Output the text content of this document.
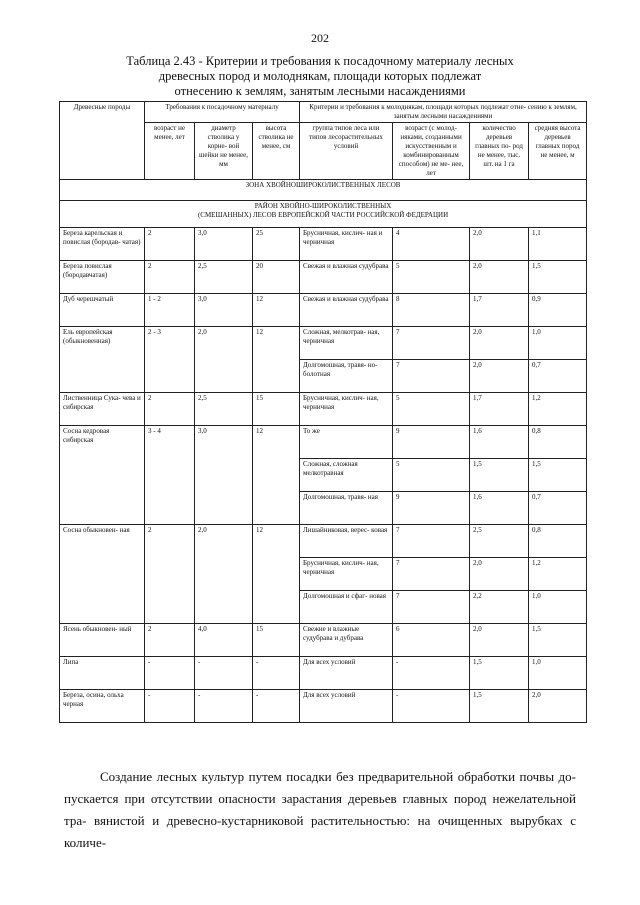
202
Таблица 2.43 - Критерии и требования к посадочному материалу лесных
древесных пород и молоднякам, площади которых подлежат
отнесению к землям, занятым лесными насаждениями
Древесные породы	Требования к посадочному материалу			Критерии и требования к молоднякам, площади которых подлежат отне- сению к землям, занятым лесными насаждениями			
	возраст не менее, лет	диаметр стволика у корне- вой шейки не менее, мм	высота стволика не менее, см	группа типов леса или типов лесорастительных условий	возраст (с молод- няками, созданными искусственным и комбинированным способом) не ме- нее, лет	количество деревьев главных по- род не менее, тыс. шт. на 1 га	средняя высота деревьев главных пород не менее, м
ЗОНА ХВОЙНОШИРОКОЛИСТВЕННЫХ ЛЕСОВ							

РАЙОН ХВОЙНО-ШИРОКОЛИСТВЕННЫХ
(СМЕШАННЫХ) ЛЕСОВ ЕВРОПЕЙСКОЙ ЧАСТИ РОССИЙСКОЙ ФЕДЕРАЦИИ							

Береза карельская и повислая (бородав- чатая)	2	3,0	25	Брусничная, кислич- ная и черничная	4	2,0	1,1
Береза повислая (бородавчатая)	2	2,5	20	Свежая и влажная судубрава	5	2,0	1,5
Дуб черешчатый	1 - 2	3,0	12	Свежая и влажная судубрава	8	1,7	0,9
Ель европейская (обыкновенная)	2 - 3	2,0	12	Сложная, мелкотрав- ная, черничная	7	2,0	1,0
				Долгомошная, травя- но-болотная	7	2,0	0,7
Лиственница Сука- чева и сибирская	2	2,5	15	Брусничная, кислич- ная, черничная	5	1,7	1,2
Сосна кедровая сибирская	3 - 4	3,0	12	То же	9	1,6	0,8
				Сложная, сложная мелкотравная	5	1,5	1,5
				Долгомошная, травя- ная	9	1,6	0,7
Сосна обыкновен- ная	2	2,0	12	Лишайниковая, верес- ковая	7	2,5	0,8
				Брусничная, кислич- ная, черничная	7	2,0	1,2
				Долгомошная и сфаг- новая	7	2,2	1,0
Ясень обыкновен- ный	2	4,0	15	Свежие и влажные судубрава и дубрава	6	2,0	1,5
Липа	-	-	-	Для всех условий	-	1,5	1,0
Береза, осина, ольха черная	-	-	-	Для всех условий	-	1,5	2,0
Создание лесных культур путем посадки без предварительной обработки почвы до- пускается при отсутствии опасности зарастания деревьев главных пород нежелательной тра- вянистой и древесно-кустарниковой растительностью: на очищенных вырубках с количе-
